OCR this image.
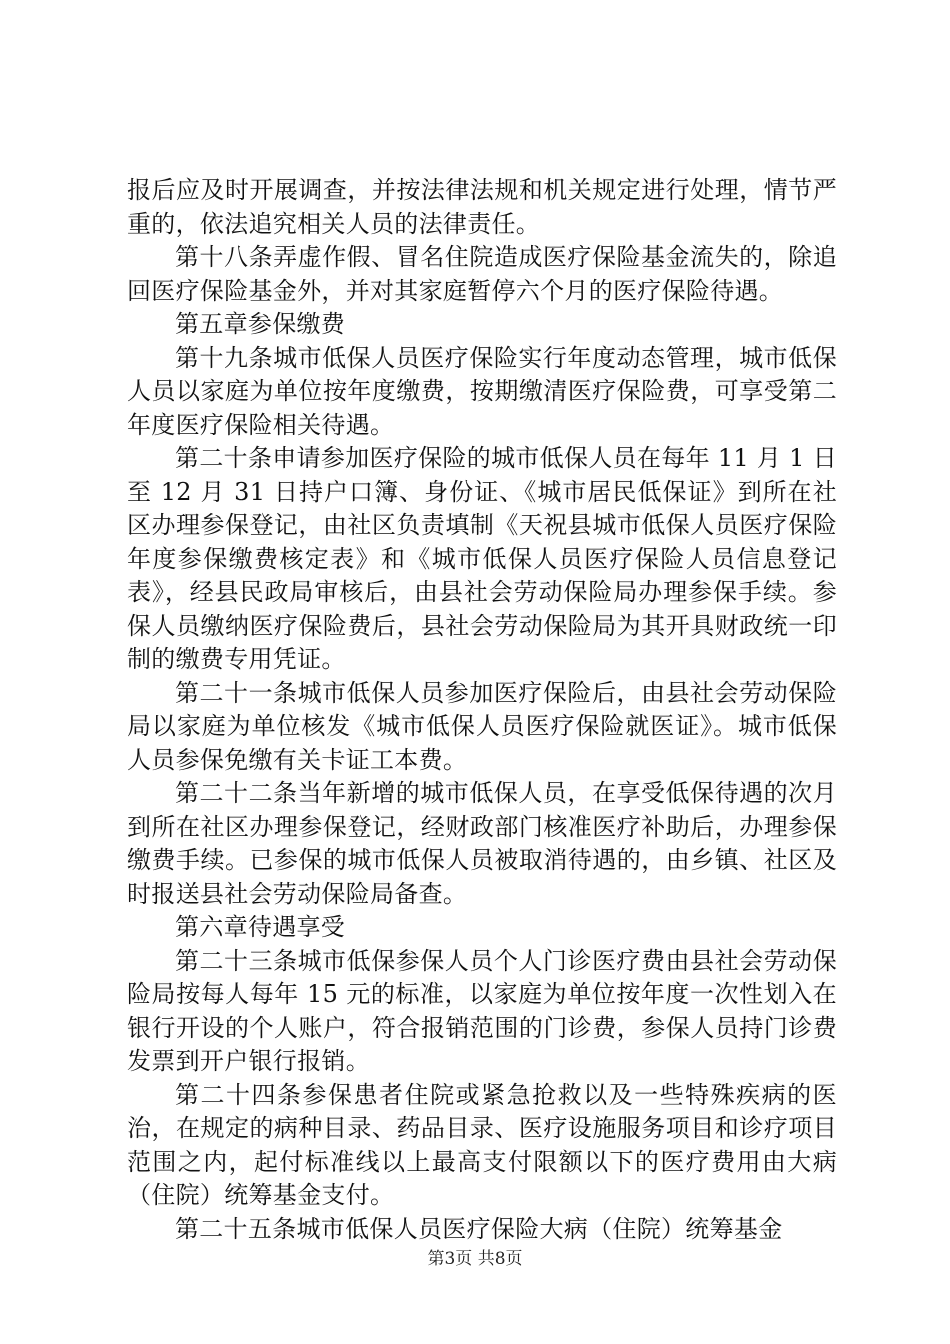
报后应及时开展调查，并按法律法规和机关规定进行处理，情节严重的，依法追究相关人员的法律责任。

第十八条弄虚作假、冒名住院造成医疗保险基金流失的，除追回医疗保险基金外，并对其家庭暂停六个月的医疗保险待遇。

第五章参保缴费

第十九条城市低保人员医疗保险实行年度动态管理，城市低保人员以家庭为单位按年度缴费，按期缴清医疗保险费，可享受第二年度医疗保险相关待遇。

第二十条申请参加医疗保险的城市低保人员在每年 11 月 1 日至 12 月 31 日持户口簿、身份证、《城市居民低保证》到所在社区办理参保登记，由社区负责填制《天祝县城市低保人员医疗保险年度参保缴费核定表》和《城市低保人员医疗保险人员信息登记表》，经县民政局审核后，由县社会劳动保险局办理参保手续。参保人员缴纳医疗保险费后，县社会劳动保险局为其开具财政统一印制的缴费专用凭证。

第二十一条城市低保人员参加医疗保险后，由县社会劳动保险局以家庭为单位核发《城市低保人员医疗保险就医证》。城市低保人员参保免缴有关卡证工本费。

第二十二条当年新增的城市低保人员，在享受低保待遇的次月到所在社区办理参保登记，经财政部门核准医疗补助后，办理参保缴费手续。已参保的城市低保人员被取消待遇的，由乡镇、社区及时报送县社会劳动保险局备查。

第六章待遇享受

第二十三条城市低保参保人员个人门诊医疗费由县社会劳动保险局按每人每年 15 元的标准，以家庭为单位按年度一次性划入在银行开设的个人账户，符合报销范围的门诊费，参保人员持门诊费发票到开户银行报销。

第二十四条参保患者住院或紧急抢救以及一些特殊疾病的医治，在规定的病种目录、药品目录、医疗设施服务项目和诊疗项目范围之内，起付标准线以上最高支付限额以下的医疗费用由大病（住院）统筹基金支付。

第二十五条城市低保人员医疗保险大病（住院）统筹基金

第3页 共8页
